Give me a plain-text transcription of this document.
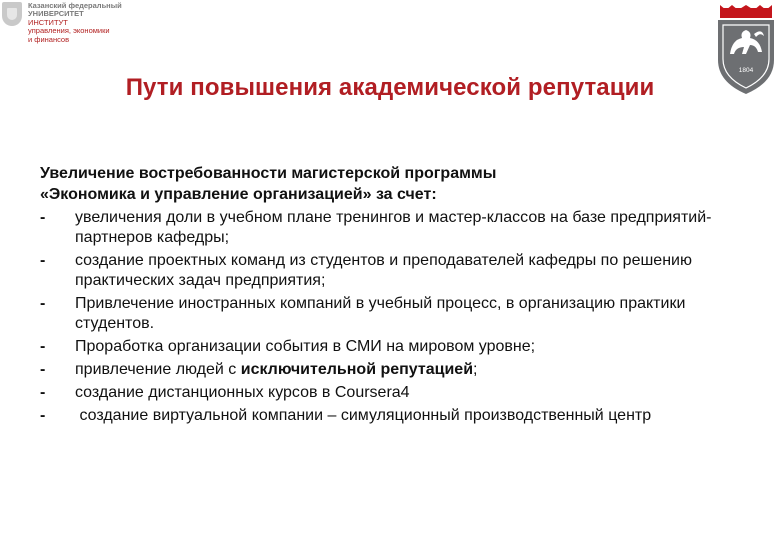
Казанский федеральный
УНИВЕРСИТЕТ
ИНСТИТУТ
управления, экономики
и финансов
1804
Пути повышения академической репутации
Увеличение востребованности магистерской программы
«Экономика и управление организацией» за счет:
- увеличения доли в учебном плане тренингов и мастер-классов на базе предприятий-партнеров кафедры;
- создание проектных команд из студентов и преподавателей кафедры по решению практических задач предприятия;
- Привлечение иностранных компаний в учебный процесс, в организацию практики студентов.
- Проработка организации события в СМИ на мировом уровне;
- привлечение людей с исключительной репутацией;
- создание дистанционных курсов в Coursera4
- создание виртуальной компании – симуляционный производственный центр
